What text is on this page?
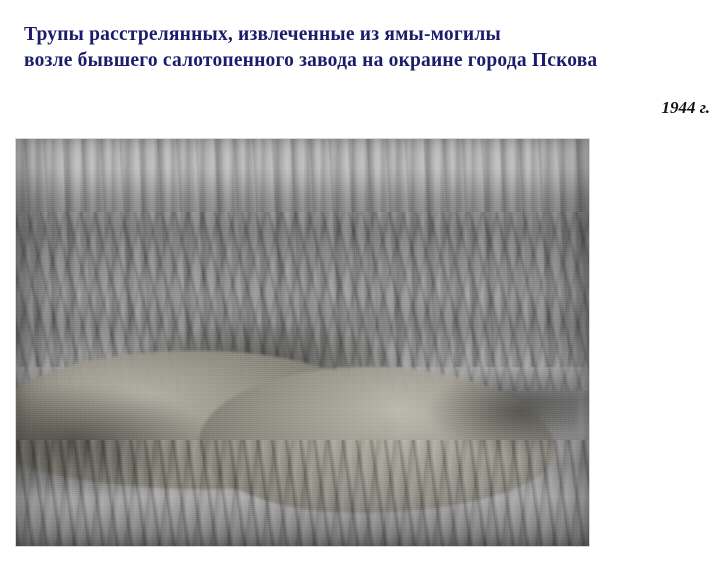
Трупы расстрелянных, извлеченные из ямы-могилы
возле бывшего салотопенного завода на окраине города Пскова
1944 г.
